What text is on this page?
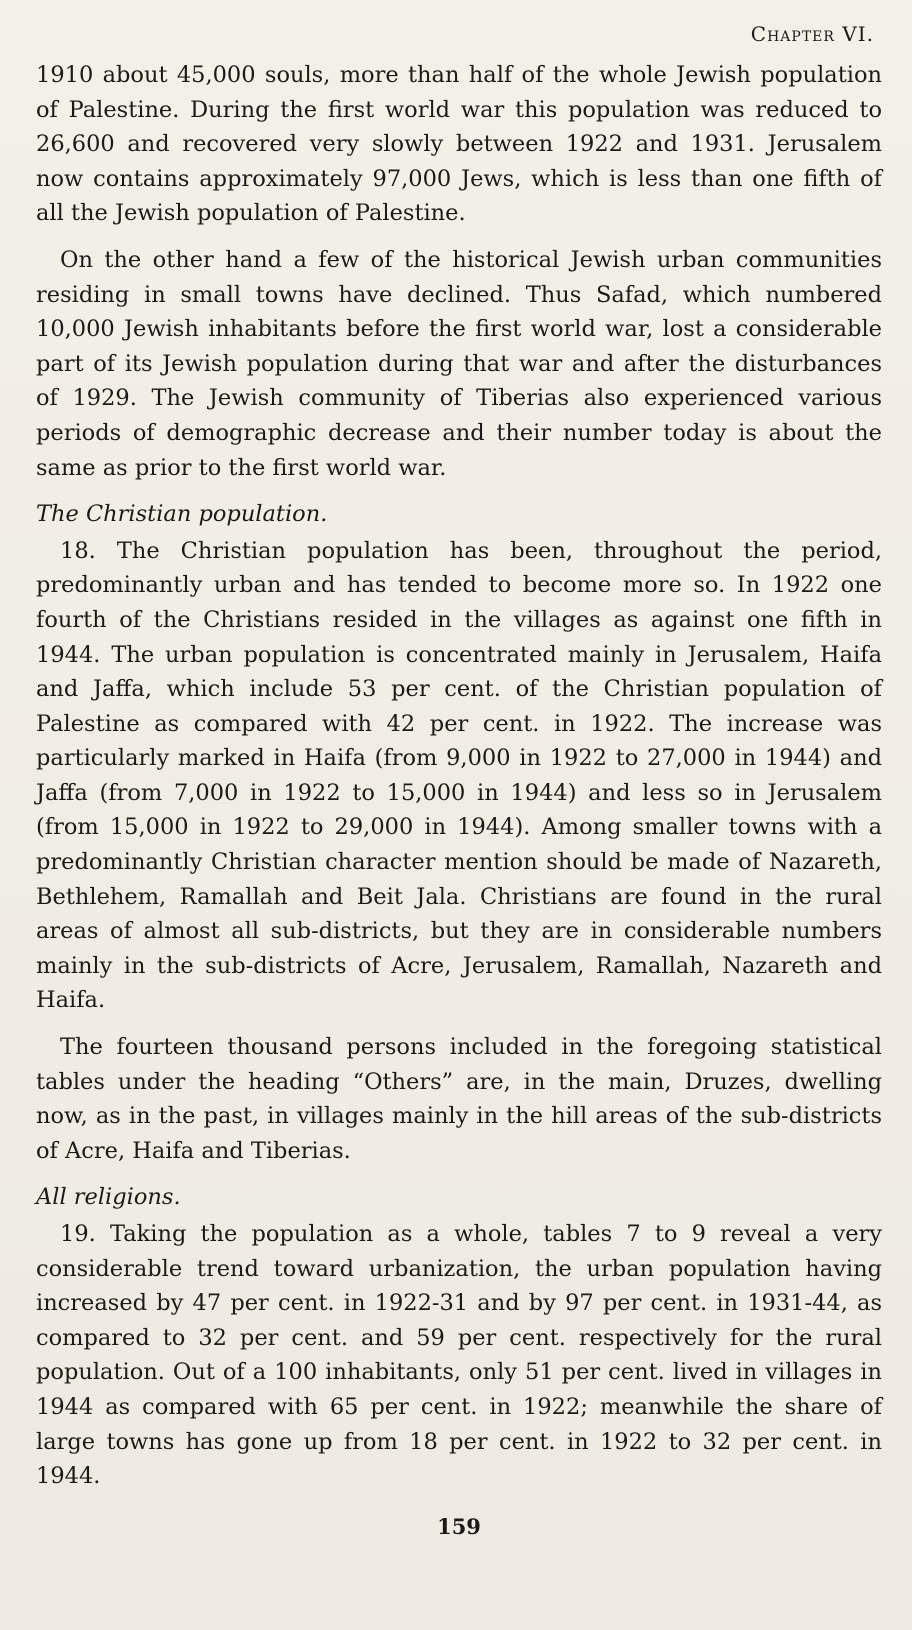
Chapter VI.

1910 about 45,000 souls, more than half of the whole Jewish population of Palestine. During the first world war this population was reduced to 26,600 and recovered very slowly between 1922 and 1931. Jerusalem now contains approximately 97,000 Jews, which is less than one fifth of all the Jewish population of Palestine.

On the other hand a few of the historical Jewish urban communities residing in small towns have declined. Thus Safad, which numbered 10,000 Jewish inhabitants before the first world war, lost a considerable part of its Jewish population during that war and after the disturbances of 1929. The Jewish community of Tiberias also experienced various periods of demographic decrease and their number today is about the same as prior to the first world war.

The Christian population.

18. The Christian population has been, throughout the period, predominantly urban and has tended to become more so. In 1922 one fourth of the Christians resided in the villages as against one fifth in 1944. The urban population is concentrated mainly in Jerusalem, Haifa and Jaffa, which include 53 per cent. of the Christian population of Palestine as compared with 42 per cent. in 1922. The increase was particularly marked in Haifa (from 9,000 in 1922 to 27,000 in 1944) and Jaffa (from 7,000 in 1922 to 15,000 in 1944) and less so in Jerusalem (from 15,000 in 1922 to 29,000 in 1944). Among smaller towns with a predominantly Christian character mention should be made of Nazareth, Bethlehem, Ramallah and Beit Jala. Christians are found in the rural areas of almost all sub-districts, but they are in considerable numbers mainly in the sub-districts of Acre, Jerusalem, Ramallah, Nazareth and Haifa.

The fourteen thousand persons included in the foregoing statistical tables under the heading “Others” are, in the main, Druzes, dwelling now, as in the past, in villages mainly in the hill areas of the sub-districts of Acre, Haifa and Tiberias.

All religions.

19. Taking the population as a whole, tables 7 to 9 reveal a very considerable trend toward urbanization, the urban population having increased by 47 per cent. in 1922-31 and by 97 per cent. in 1931-44, as compared to 32 per cent. and 59 per cent. respectively for the rural population. Out of a 100 inhabitants, only 51 per cent. lived in villages in 1944 as compared with 65 per cent. in 1922; meanwhile the share of large towns has gone up from 18 per cent. in 1922 to 32 per cent. in 1944.

159
